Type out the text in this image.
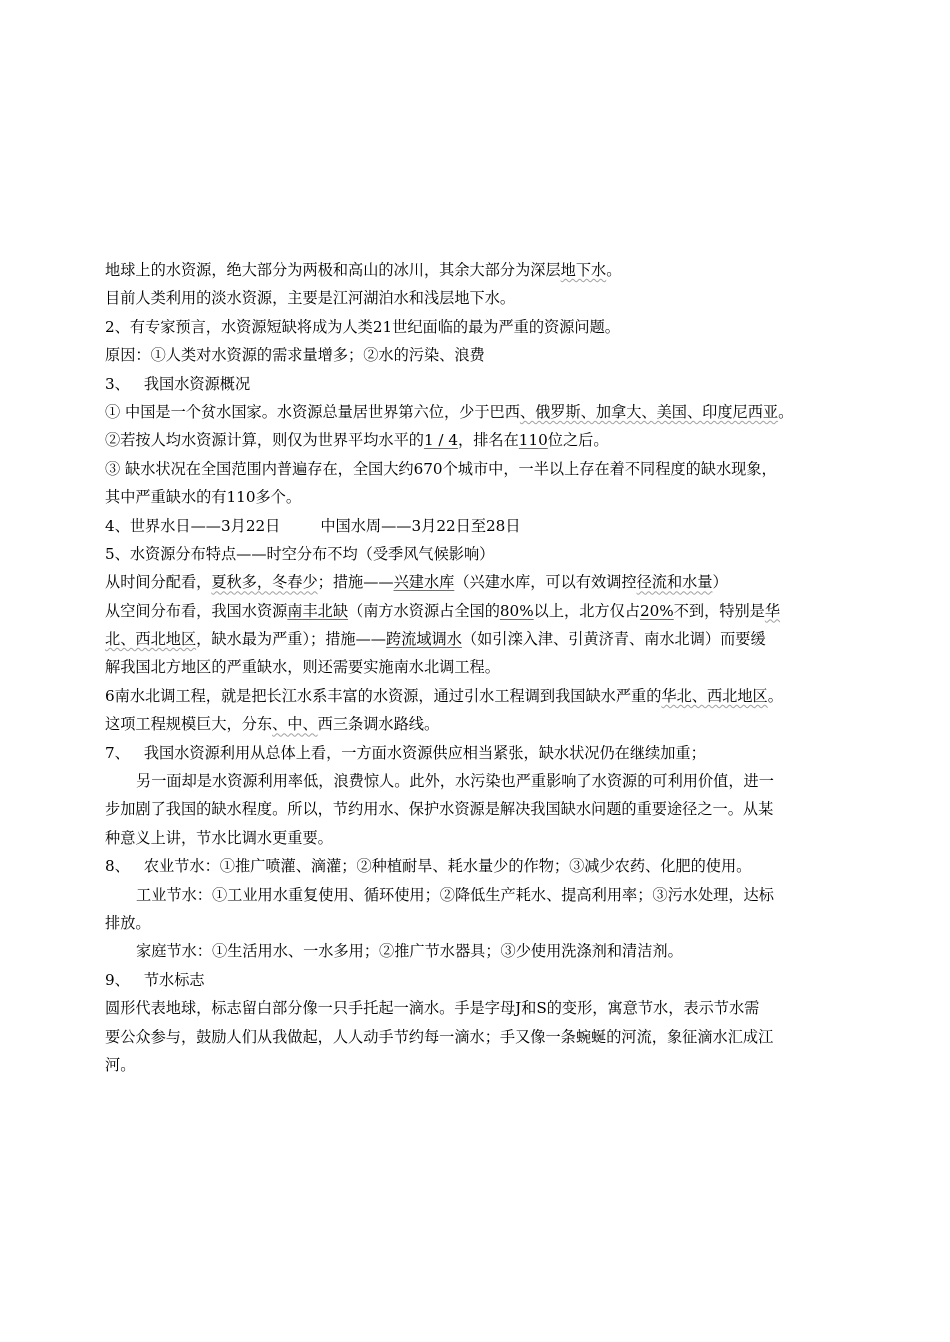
地球上的水资源，绝大部分为两极和高山的冰川，其余大部分为深层地下水。
目前人类利用的淡水资源，主要是江河湖泊水和浅层地下水。
2、有专家预言，水资源短缺将成为人类21世纪面临的最为严重的资源问题。
原因：①人类对水资源的需求量增多；②水的污染、浪费
3、 我国水资源概况
① 中国是一个贫水国家。水资源总量居世界第六位，少于巴西、俄罗斯、加拿大、美国、印度尼西亚。
②若按人均水资源计算，则仅为世界平均水平的1 / 4，排名在110位之后。
③ 缺水状况在全国范围内普遍存在，全国大约670个城市中，一半以上存在着不同程度的缺水现象，
其中严重缺水的有110多个。
4、世界水日——3月22日	中国水周——3月22日至28日
5、水资源分布特点——时空分布不均（受季风气候影响）
从时间分配看，夏秋多，冬春少；措施——兴建水库（兴建水库，可以有效调控径流和水量）
从空间分布看，我国水资源南丰北缺（南方水资源占全国的80%以上，北方仅占20%不到，特别是华
北、西北地区，缺水最为严重）；措施——跨流域调水（如引滦入津、引黄济青、南水北调）而要缓
解我国北方地区的严重缺水，则还需要实施南水北调工程。
6南水北调工程，就是把长江水系丰富的水资源，通过引水工程调到我国缺水严重的华北、西北地区。
这项工程规模巨大，分东、中、西三条调水路线。
7、 我国水资源利用从总体上看，一方面水资源供应相当紧张，缺水状况仍在继续加重；
另一面却是水资源利用率低，浪费惊人。此外，水污染也严重影响了水资源的可利用价值，进一
步加剧了我国的缺水程度。所以，节约用水、保护水资源是解决我国缺水问题的重要途径之一。从某
种意义上讲，节水比调水更重要。
8、 农业节水：①推广喷灌、滴灌；②种植耐旱、耗水量少的作物；③减少农药、化肥的使用。
工业节水：①工业用水重复使用、循环使用；②降低生产耗水、提高利用率；③污水处理，达标
排放。
家庭节水：①生活用水、一水多用；②推广节水器具；③少使用洗涤剂和清洁剂。
9、 节水标志
圆形代表地球，标志留白部分像一只手托起一滴水。手是字母J和S的变形，寓意节水，表示节水需
要公众参与，鼓励人们从我做起，人人动手节约每一滴水；手又像一条蜿蜒的河流，象征滴水汇成江
河。
